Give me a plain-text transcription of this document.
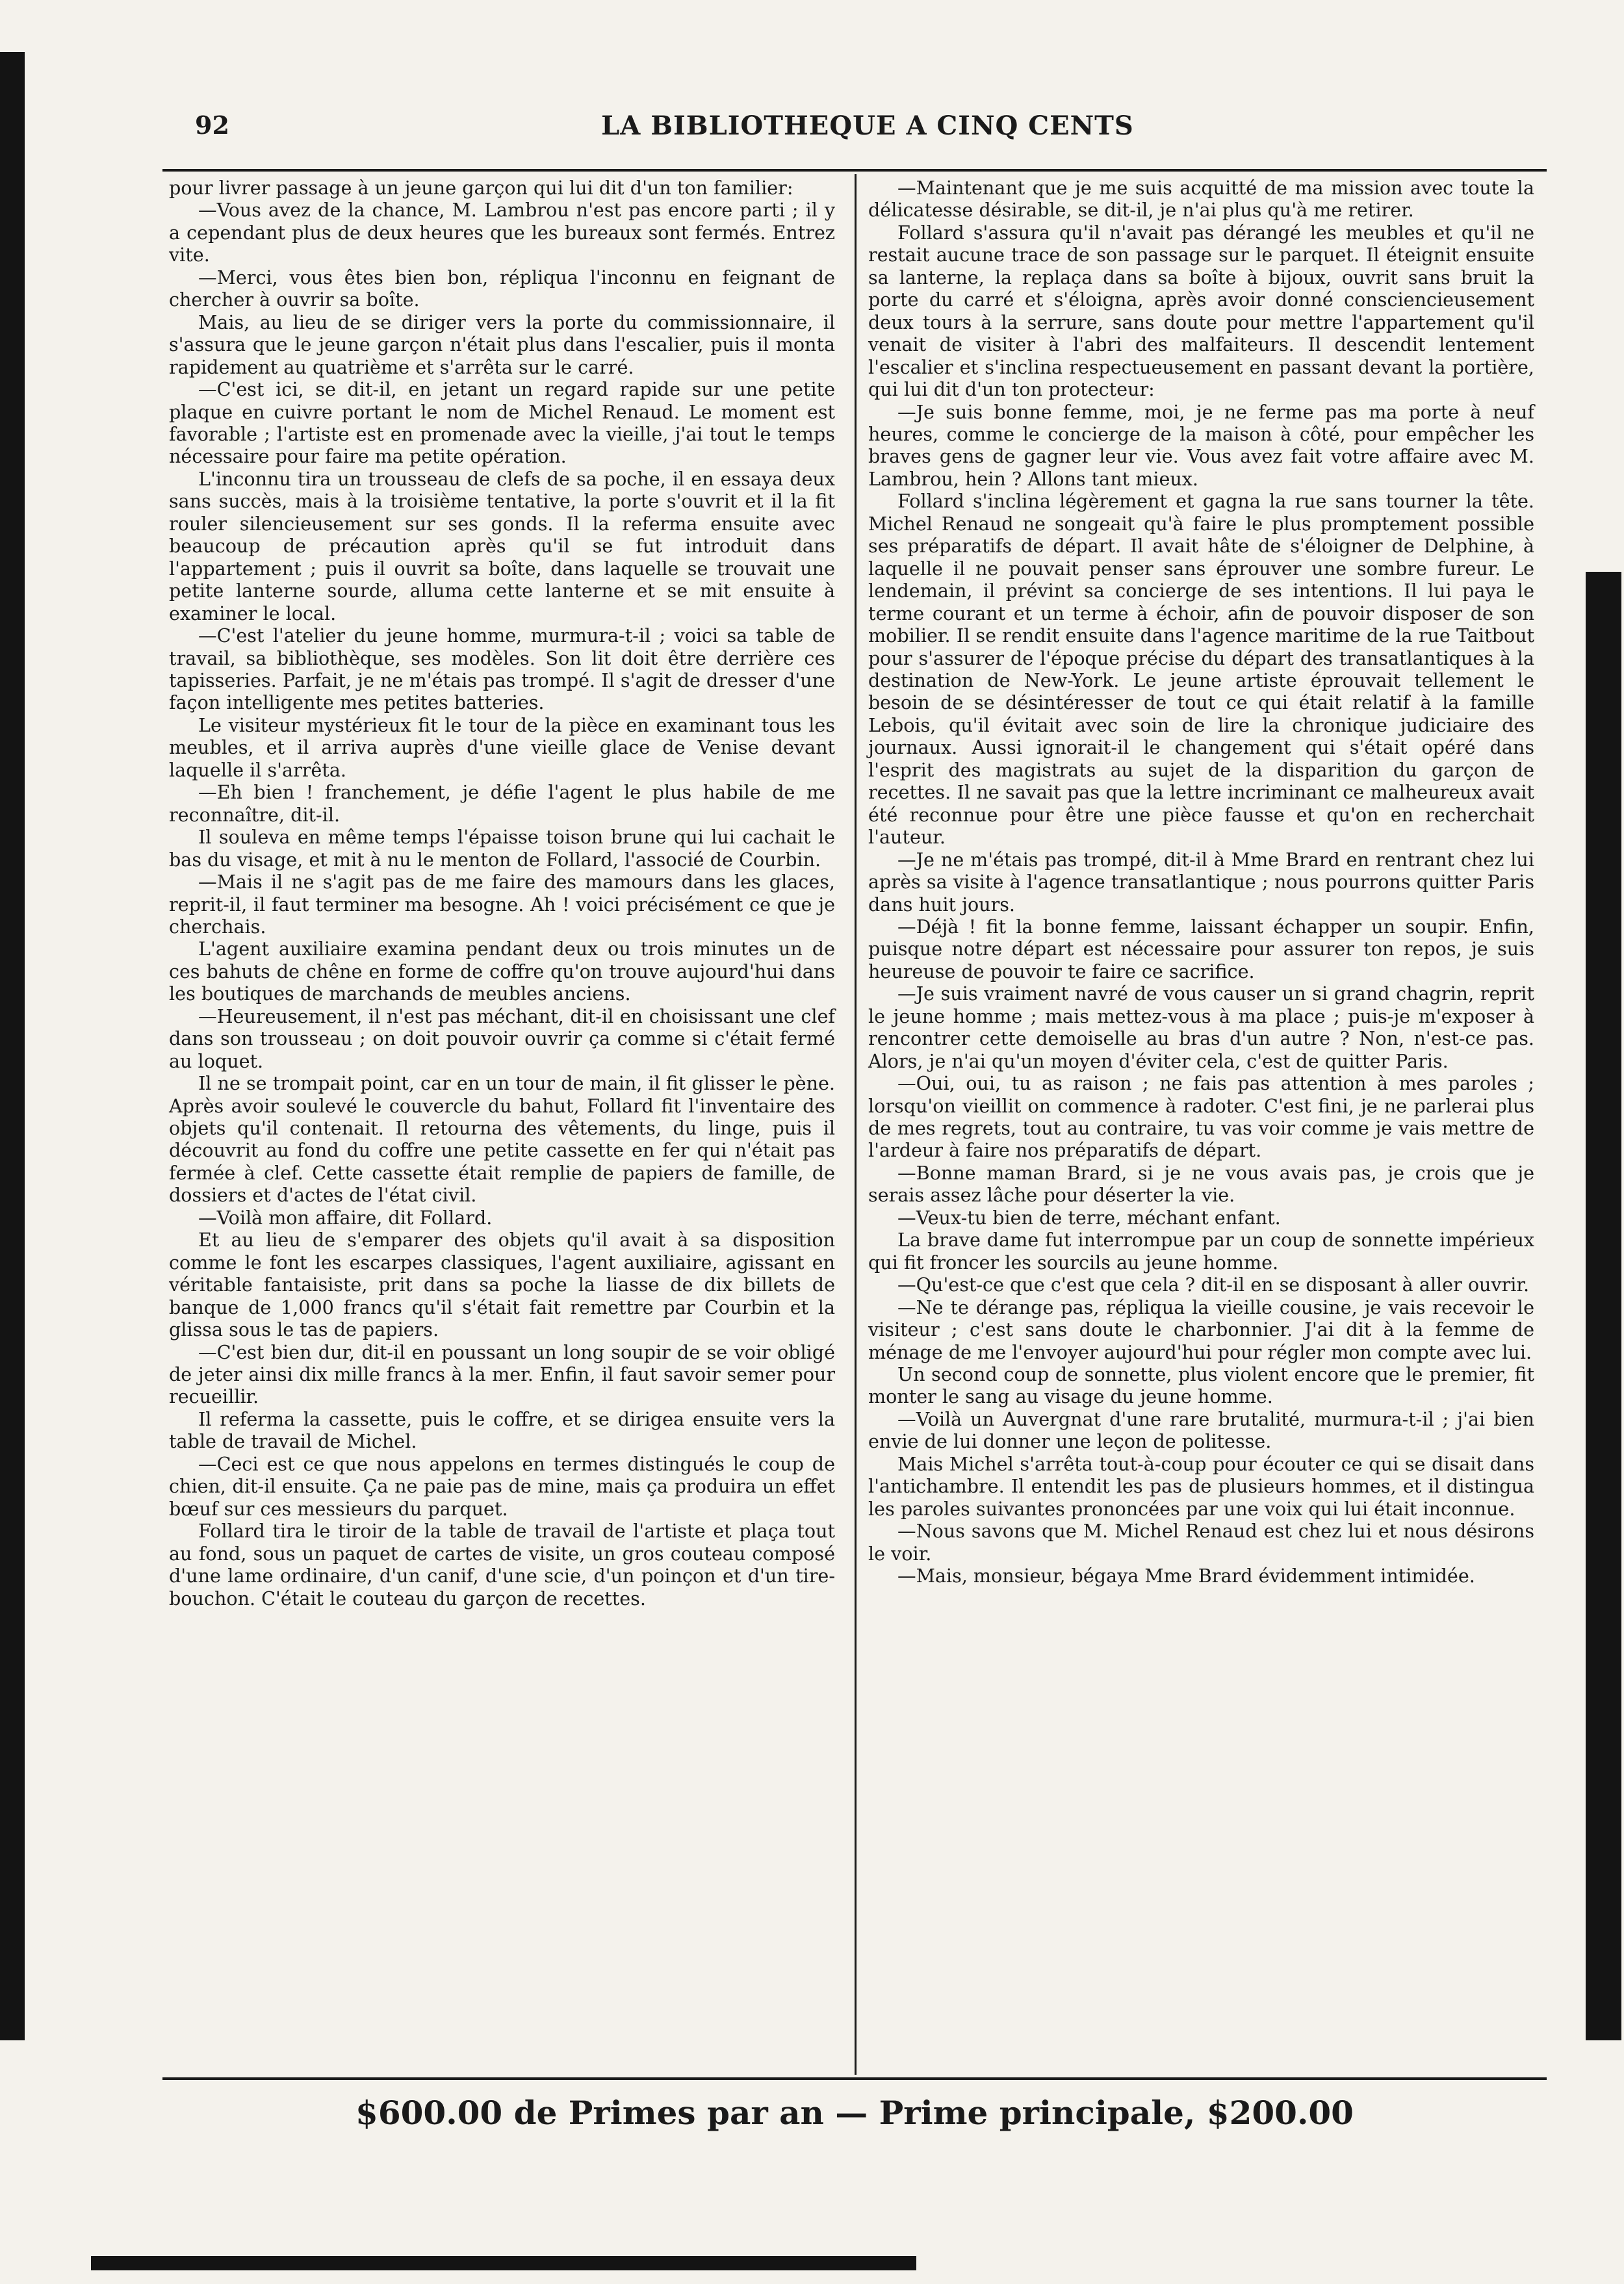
92	LA BIBLIOTHEQUE A CINQ CENTS

pour livrer passage à un jeune garçon qui lui dit d'un ton familier:

—Vous avez de la chance, M. Lambrou n'est pas encore parti ; il y a cependant plus de deux heures que les bureaux sont fermés. Entrez vite.

—Merci, vous êtes bien bon, répliqua l'inconnu en feignant de chercher à ouvrir sa boîte.

Mais, au lieu de se diriger vers la porte du commissionnaire, il s'assura que le jeune garçon n'était plus dans l'escalier, puis il monta rapidement au quatrième et s'arrêta sur le carré.

—C'est ici, se dit-il, en jetant un regard rapide sur une petite plaque en cuivre portant le nom de Michel Renaud. Le moment est favorable ; l'artiste est en promenade avec la vieille, j'ai tout le temps nécessaire pour faire ma petite opération.

L'inconnu tira un trousseau de clefs de sa poche, il en essaya deux sans succès, mais à la troisième tentative, la porte s'ouvrit et il la fit rouler silencieusement sur ses gonds. Il la referma ensuite avec beaucoup de précaution après qu'il se fut introduit dans l'appartement ; puis il ouvrit sa boîte, dans laquelle se trouvait une petite lanterne sourde, alluma cette lanterne et se mit ensuite à examiner le local.

—C'est l'atelier du jeune homme, murmura-t-il ; voici sa table de travail, sa bibliothèque, ses modèles. Son lit doit être derrière ces tapisseries. Parfait, je ne m'étais pas trompé. Il s'agit de dresser d'une façon intelligente mes petites batteries.

Le visiteur mystérieux fit le tour de la pièce en examinant tous les meubles, et il arriva auprès d'une vieille glace de Venise devant laquelle il s'arrêta.

—Eh bien ! franchement, je défie l'agent le plus habile de me reconnaître, dit-il.

Il souleva en même temps l'épaisse toison brune qui lui cachait le bas du visage, et mit à nu le menton de Follard, l'associé de Courbin.

—Mais il ne s'agit pas de me faire des mamours dans les glaces, reprit-il, il faut terminer ma besogne. Ah ! voici précisément ce que je cherchais.

L'agent auxiliaire examina pendant deux ou trois minutes un de ces bahuts de chêne en forme de coffre qu'on trouve aujourd'hui dans les boutiques de marchands de meubles anciens.

—Heureusement, il n'est pas méchant, dit-il en choisissant une clef dans son trousseau ; on doit pouvoir ouvrir ça comme si c'était fermé au loquet.

Il ne se trompait point, car en un tour de main, il fit glisser le pène. Après avoir soulevé le couvercle du bahut, Follard fit l'inventaire des objets qu'il contenait. Il retourna des vêtements, du linge, puis il découvrit au fond du coffre une petite cassette en fer qui n'était pas fermée à clef. Cette cassette était remplie de papiers de famille, de dossiers et d'actes de l'état civil.

—Voilà mon affaire, dit Follard.

Et au lieu de s'emparer des objets qu'il avait à sa disposition comme le font les escarpes classiques, l'agent auxiliaire, agissant en véritable fantaisiste, prit dans sa poche la liasse de dix billets de banque de 1,000 francs qu'il s'était fait remettre par Courbin et la glissa sous le tas de papiers.

—C'est bien dur, dit-il en poussant un long soupir de se voir obligé de jeter ainsi dix mille francs à la mer. Enfin, il faut savoir semer pour recueillir.

Il referma la cassette, puis le coffre, et se dirigea ensuite vers la table de travail de Michel.

—Ceci est ce que nous appelons en termes distingués le coup de chien, dit-il ensuite. Ça ne paie pas de mine, mais ça produira un effet bœuf sur ces messieurs du parquet.

Follard tira le tiroir de la table de travail de l'artiste et plaça tout au fond, sous un paquet de cartes de visite, un gros couteau composé d'une lame ordinaire, d'un canif, d'une scie, d'un poinçon et d'un tire-bouchon. C'était le couteau du garçon de recettes.

—Maintenant que je me suis acquitté de ma mission avec toute la délicatesse désirable, se dit-il, je n'ai plus qu'à me retirer.

Follard s'assura qu'il n'avait pas dérangé les meubles et qu'il ne restait aucune trace de son passage sur le parquet. Il éteignit ensuite sa lanterne, la replaça dans sa boîte à bijoux, ouvrit sans bruit la porte du carré et s'éloigna, après avoir donné consciencieusement deux tours à la serrure, sans doute pour mettre l'appartement qu'il venait de visiter à l'abri des malfaiteurs. Il descendit lentement l'escalier et s'inclina respectueusement en passant devant la portière, qui lui dit d'un ton protecteur:

—Je suis bonne femme, moi, je ne ferme pas ma porte à neuf heures, comme le concierge de la maison à côté, pour empêcher les braves gens de gagner leur vie. Vous avez fait votre affaire avec M. Lambrou, hein ? Allons tant mieux.

Follard s'inclina légèrement et gagna la rue sans tourner la tête. Michel Renaud ne songeait qu'à faire le plus promptement possible ses préparatifs de départ. Il avait hâte de s'éloigner de Delphine, à laquelle il ne pouvait penser sans éprouver une sombre fureur. Le lendemain, il prévint sa concierge de ses intentions. Il lui paya le terme courant et un terme à échoir, afin de pouvoir disposer de son mobilier. Il se rendit ensuite dans l'agence maritime de la rue Taitbout pour s'assurer de l'époque précise du départ des transatlantiques à la destination de New-York. Le jeune artiste éprouvait tellement le besoin de se désintéresser de tout ce qui était relatif à la famille Lebois, qu'il évitait avec soin de lire la chronique judiciaire des journaux. Aussi ignorait-il le changement qui s'était opéré dans l'esprit des magistrats au sujet de la disparition du garçon de recettes. Il ne savait pas que la lettre incriminant ce malheureux avait été reconnue pour être une pièce fausse et qu'on en recherchait l'auteur.

—Je ne m'étais pas trompé, dit-il à Mme Brard en rentrant chez lui après sa visite à l'agence transatlantique ; nous pourrons quitter Paris dans huit jours.

—Déjà ! fit la bonne femme, laissant échapper un soupir. Enfin, puisque notre départ est nécessaire pour assurer ton repos, je suis heureuse de pouvoir te faire ce sacrifice.

—Je suis vraiment navré de vous causer un si grand chagrin, reprit le jeune homme ; mais mettez-vous à ma place ; puis-je m'exposer à rencontrer cette demoiselle au bras d'un autre ? Non, n'est-ce pas. Alors, je n'ai qu'un moyen d'éviter cela, c'est de quitter Paris.

—Oui, oui, tu as raison ; ne fais pas attention à mes paroles ; lorsqu'on vieillit on commence à radoter. C'est fini, je ne parlerai plus de mes regrets, tout au contraire, tu vas voir comme je vais mettre de l'ardeur à faire nos préparatifs de départ.

—Bonne maman Brard, si je ne vous avais pas, je crois que je serais assez lâche pour déserter la vie.

—Veux-tu bien de terre, méchant enfant.

La brave dame fut interrompue par un coup de sonnette impérieux qui fit froncer les sourcils au jeune homme.

—Qu'est-ce que c'est que cela ? dit-il en se disposant à aller ouvrir.

—Ne te dérange pas, répliqua la vieille cousine, je vais recevoir le visiteur ; c'est sans doute le charbonnier. J'ai dit à la femme de ménage de me l'envoyer aujourd'hui pour régler mon compte avec lui.

Un second coup de sonnette, plus violent encore que le premier, fit monter le sang au visage du jeune homme.

—Voilà un Auvergnat d'une rare brutalité, murmura-t-il ; j'ai bien envie de lui donner une leçon de politesse.

Mais Michel s'arrêta tout-à-coup pour écouter ce qui se disait dans l'antichambre. Il entendit les pas de plusieurs hommes, et il distingua les paroles suivantes prononcées par une voix qui lui était inconnue.

—Nous savons que M. Michel Renaud est chez lui et nous désirons le voir.

—Mais, monsieur, bégaya Mme Brard évidemment intimidée.

$600.00 de Primes par an — Prime principale, $200.00
